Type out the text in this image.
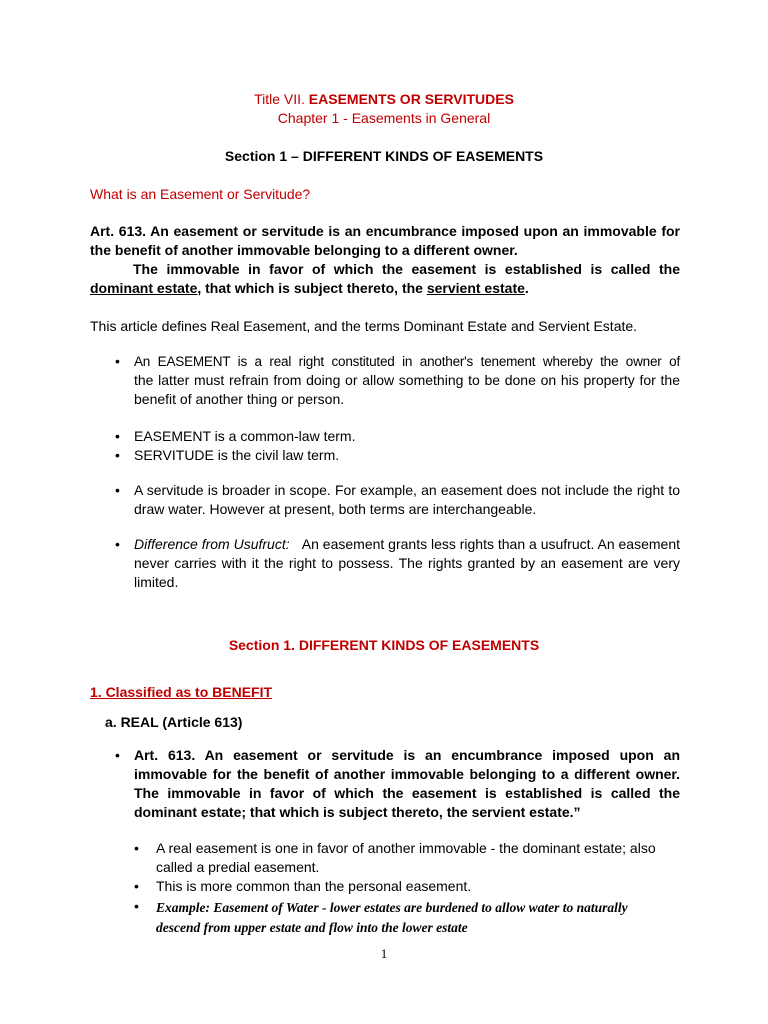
Title VII. EASEMENTS OR SERVITUDES
Chapter 1 - Easements in General
Section 1 – DIFFERENT KINDS OF EASEMENTS
What is an Easement or Servitude?
Art. 613. An easement or servitude is an encumbrance imposed upon an immovable for
the benefit of another immovable belonging to a different owner.
The immovable in favor of which the easement is established is called the
dominant estate, that which is subject thereto, the servient estate.
This article defines Real Easement, and the terms Dominant Estate and Servient Estate.
• An EASEMENT is a real right constituted in another's tenement whereby the owner of
the latter must refrain from doing or allow something to be done on his property for the
benefit of another thing or person.
• EASEMENT is a common-law term.
• SERVITUDE is the civil law term.
• A servitude is broader in scope. For example, an easement does not include the right to
draw water. However at present, both terms are interchangeable.
• Difference from Usufruct: An easement grants less rights than a usufruct. An easement
never carries with it the right to possess. The rights granted by an easement are very
limited.
Section 1. DIFFERENT KINDS OF EASEMENTS
1. Classified as to BENEFIT
a. REAL (Article 613)
• Art. 613. An easement or servitude is an encumbrance imposed upon an
immovable for the benefit of another immovable belonging to a different owner.
The immovable in favor of which the easement is established is called the
dominant estate; that which is subject thereto, the servient estate.”
• A real easement is one in favor of another immovable - the dominant estate; also
called a predial easement.
• This is more common than the personal easement.
• Example: Easement of Water - lower estates are burdened to allow water to naturally
descend from upper estate and flow into the lower estate
1
